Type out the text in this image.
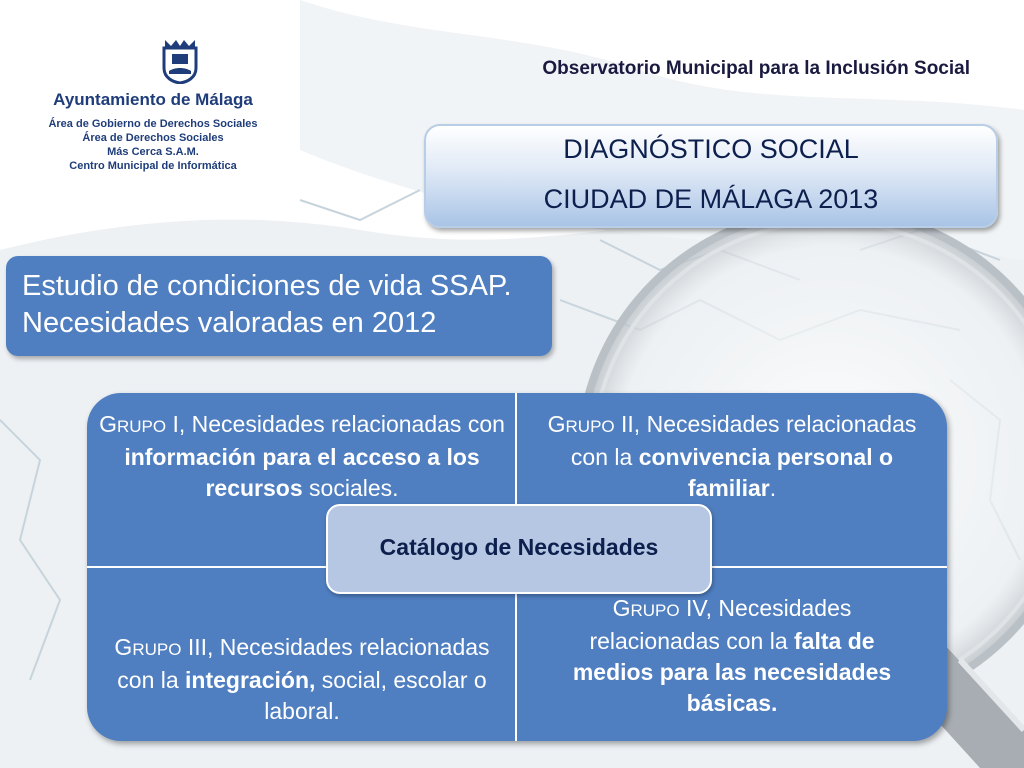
Ayuntamiento de Málaga
Área de Gobierno de Derechos Sociales
Área de Derechos Sociales
Más Cerca S.A.M.
Centro Municipal de Informática
Observatorio Municipal para la Inclusión Social
DIAGNÓSTICO SOCIAL
CIUDAD DE MÁLAGA 2013
Estudio de condiciones de vida SSAP.
Necesidades valoradas en 2012
GRUPO I, Necesidades relacionadas con información para el acceso a los recursos sociales.
GRUPO II, Necesidades relacionadas con la convivencia personal o familiar.
GRUPO III, Necesidades relacionadas con la integración, social, escolar o laboral.
GRUPO IV, Necesidades relacionadas con la falta de medios para las necesidades básicas.
Catálogo de Necesidades
